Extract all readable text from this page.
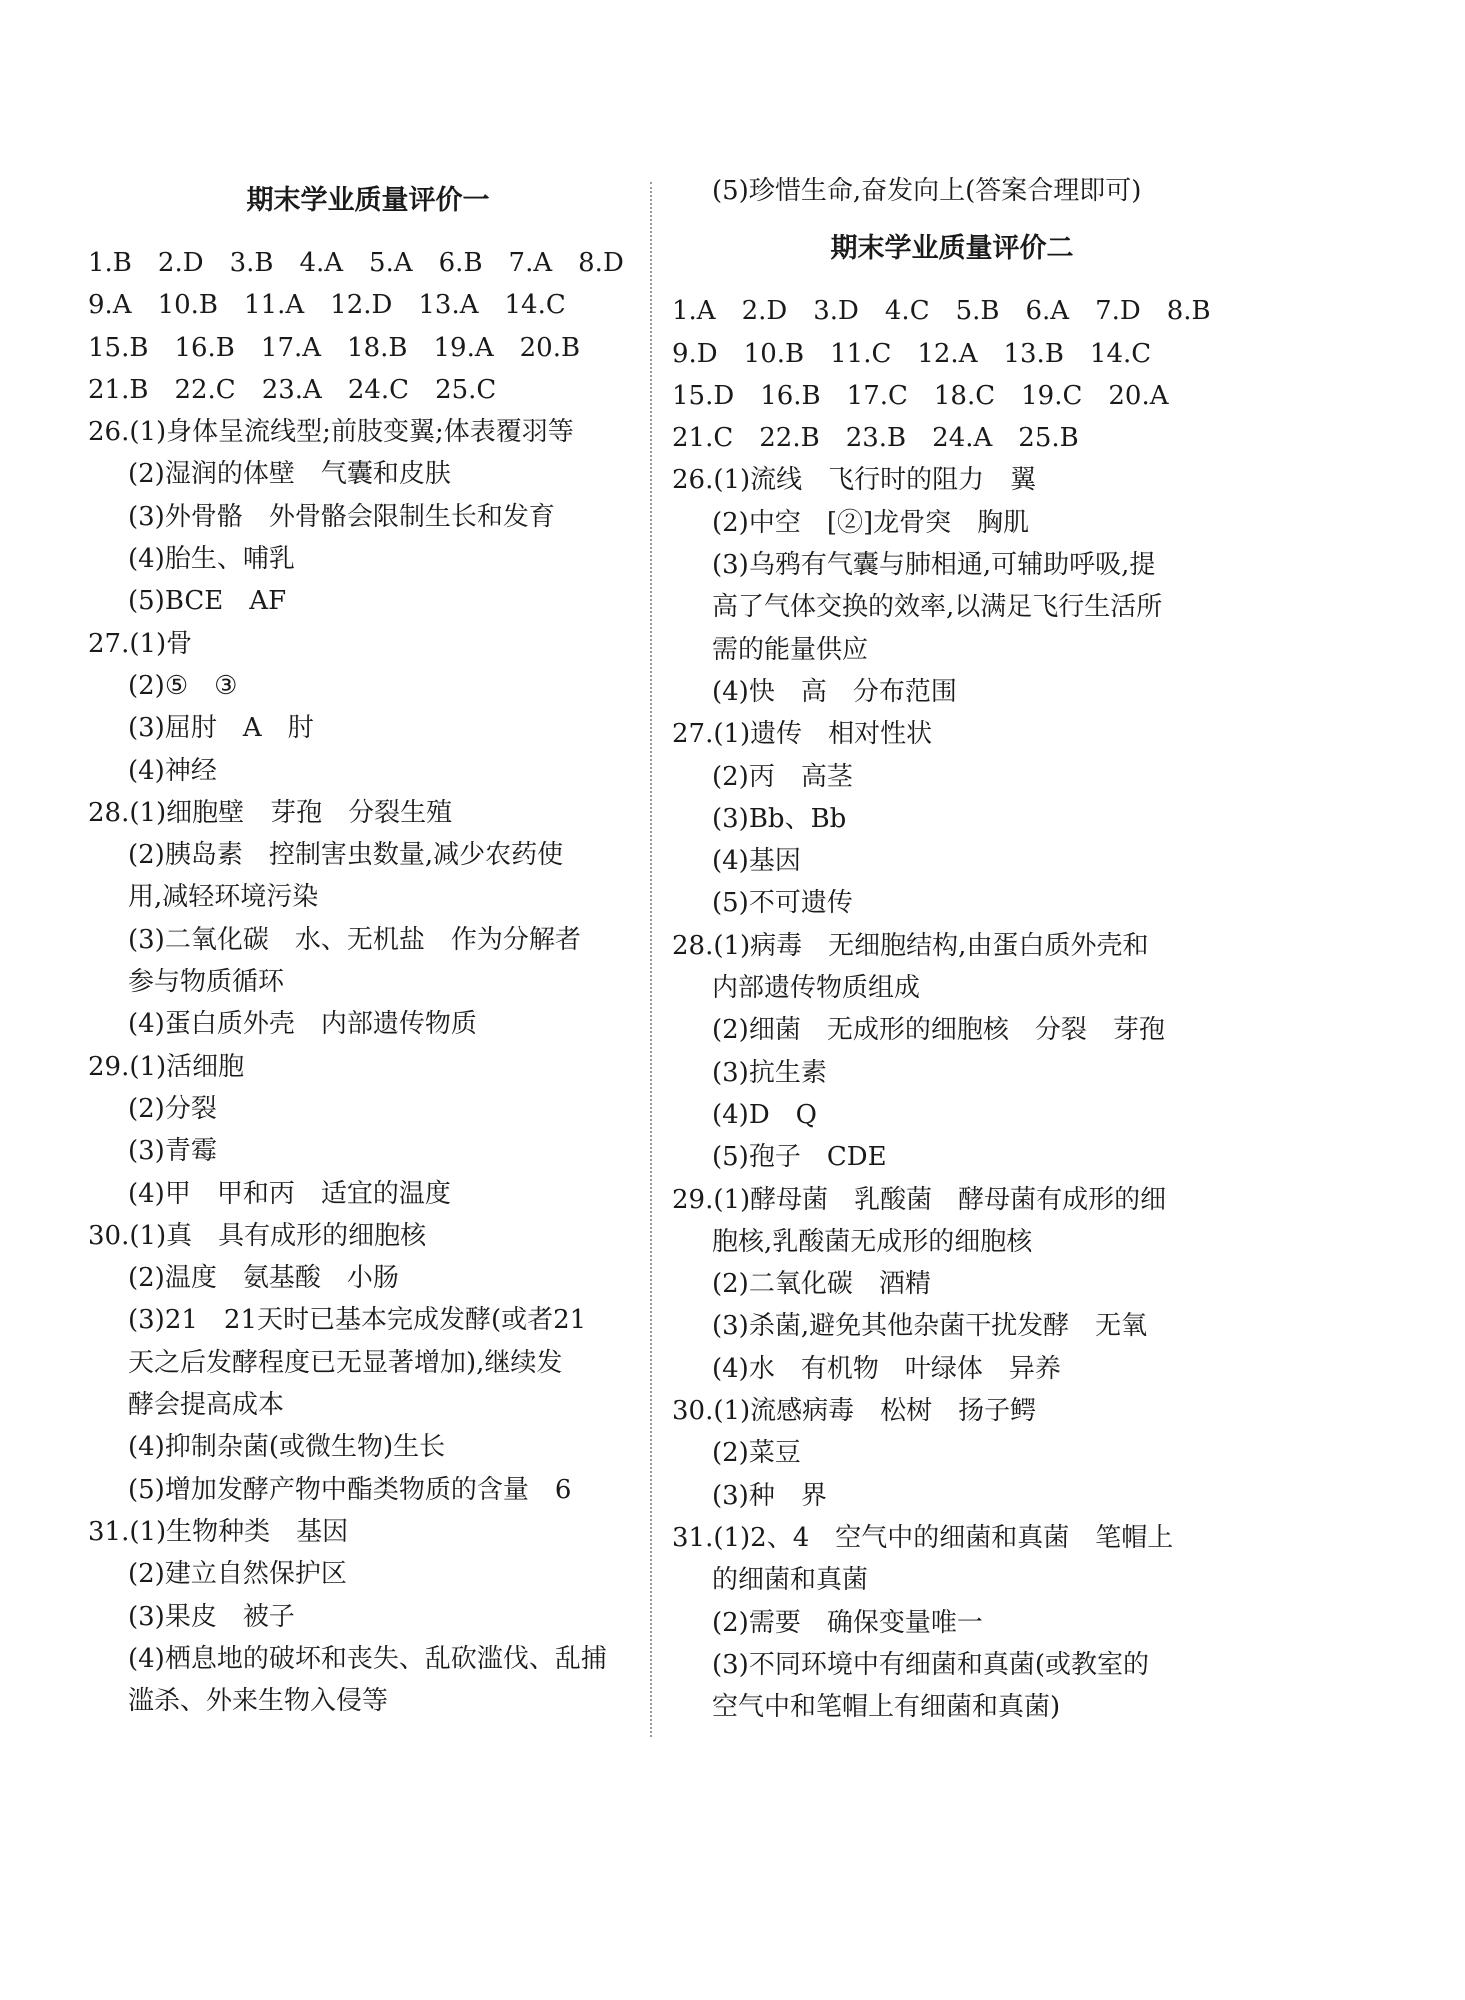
期末学业质量评价一
1.B　2.D　3.B　4.A　5.A　6.B　7.A　8.D
9.A　10.B　11.A　12.D　13.A　14.C
15.B　16.B　17.A　18.B　19.A　20.B
21.B　22.C　23.A　24.C　25.C
26.(1)身体呈流线型;前肢变翼;体表覆羽等
(2)湿润的体壁　气囊和皮肤
(3)外骨骼　外骨骼会限制生长和发育
(4)胎生、哺乳
(5)BCE　AF
27.(1)骨
(2)⑤　③
(3)屈肘　A　肘
(4)神经
28.(1)细胞壁　芽孢　分裂生殖
(2)胰岛素　控制害虫数量,减少农药使
用,减轻环境污染
(3)二氧化碳　水、无机盐　作为分解者
参与物质循环
(4)蛋白质外壳　内部遗传物质
29.(1)活细胞
(2)分裂
(3)青霉
(4)甲　甲和丙　适宜的温度
30.(1)真　具有成形的细胞核
(2)温度　氨基酸　小肠
(3)21　21天时已基本完成发酵(或者21
天之后发酵程度已无显著增加),继续发
酵会提高成本
(4)抑制杂菌(或微生物)生长
(5)增加发酵产物中酯类物质的含量　6
31.(1)生物种类　基因
(2)建立自然保护区
(3)果皮　被子
(4)栖息地的破坏和丧失、乱砍滥伐、乱捕
滥杀、外来生物入侵等
(5)珍惜生命,奋发向上(答案合理即可)
期末学业质量评价二
1.A　2.D　3.D　4.C　5.B　6.A　7.D　8.B
9.D　10.B　11.C　12.A　13.B　14.C
15.D　16.B　17.C　18.C　19.C　20.A
21.C　22.B　23.B　24.A　25.B
26.(1)流线　飞行时的阻力　翼
(2)中空　[②]龙骨突　胸肌
(3)乌鸦有气囊与肺相通,可辅助呼吸,提
高了气体交换的效率,以满足飞行生活所
需的能量供应
(4)快　高　分布范围
27.(1)遗传　相对性状
(2)丙　高茎
(3)Bb、Bb
(4)基因
(5)不可遗传
28.(1)病毒　无细胞结构,由蛋白质外壳和
内部遗传物质组成
(2)细菌　无成形的细胞核　分裂　芽孢
(3)抗生素
(4)D　Q
(5)孢子　CDE
29.(1)酵母菌　乳酸菌　酵母菌有成形的细
胞核,乳酸菌无成形的细胞核
(2)二氧化碳　酒精
(3)杀菌,避免其他杂菌干扰发酵　无氧
(4)水　有机物　叶绿体　异养
30.(1)流感病毒　松树　扬子鳄
(2)菜豆
(3)种　界
31.(1)2、4　空气中的细菌和真菌　笔帽上
的细菌和真菌
(2)需要　确保变量唯一
(3)不同环境中有细菌和真菌(或教室的
空气中和笔帽上有细菌和真菌)
